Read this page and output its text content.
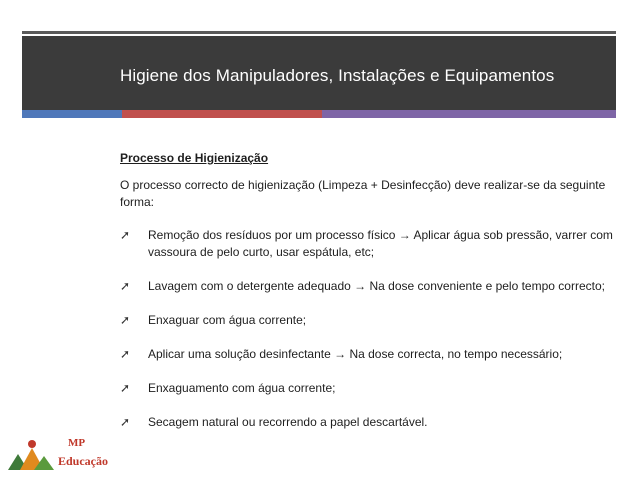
Higiene dos Manipuladores, Instalações e Equipamentos

Processo de Higienização

O processo correcto de higienização (Limpeza + Desinfecção) deve realizar-se da seguinte forma:

➚ Remoção dos resíduos por um processo físico → Aplicar água sob pressão, varrer com vassoura de pelo curto, usar espátula, etc;
➚ Lavagem com o detergente adequado → Na dose conveniente e pelo tempo correcto;
➚ Enxaguar com água corrente;
➚ Aplicar uma solução desinfectante → Na dose correcta, no tempo necessário;
➚ Enxaguamento com água corrente;
➚ Secagem natural ou recorrendo a papel descartável.
MP
Educação
